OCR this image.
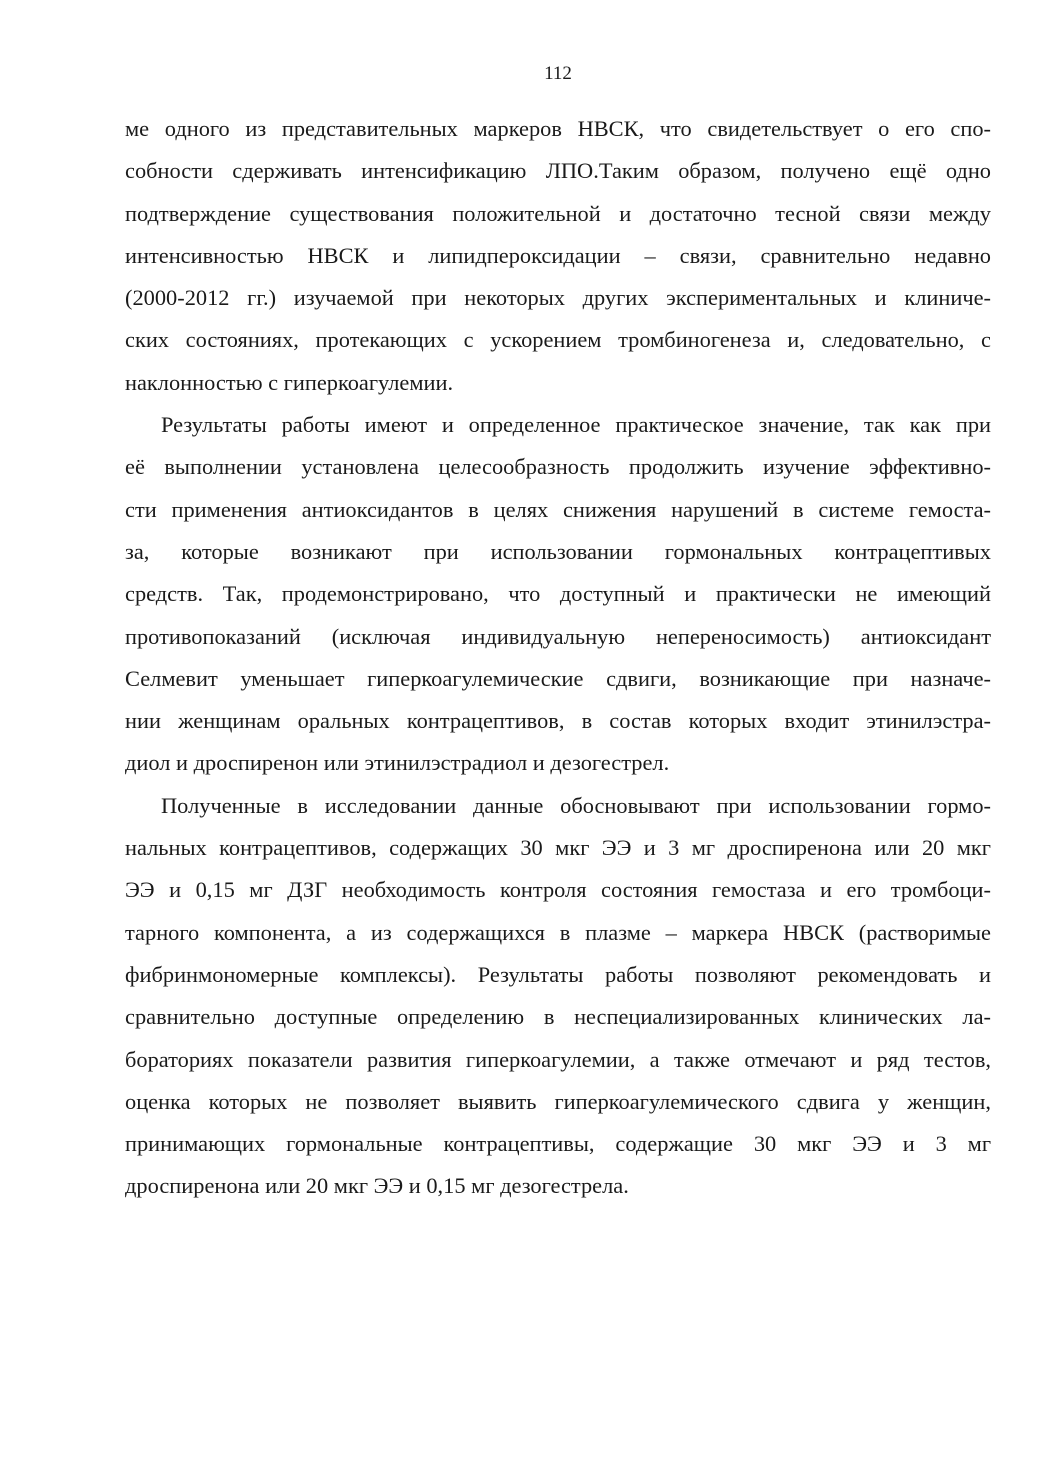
112

ме одного из представительных маркеров НВСК, что свидетельствует о его спо-
собности сдерживать интенсификацию ЛПО.Таким образом, получено ещё одно
подтверждение существования положительной и достаточно тесной связи между
интенсивностью НВСК и липидпероксидации – связи, сравнительно недавно
(2000-2012 гг.) изучаемой при некоторых других экспериментальных и клиниче-
ских состояниях, протекающих с ускорением тромбиногенеза и, следовательно, с
наклонностью с гиперкоагулемии.

Результаты работы имеют и определенное практическое значение, так как при
её выполнении установлена целесообразность продолжить изучение эффективно-
сти применения антиоксидантов в целях снижения нарушений в системе гемоста-
за, которые возникают при использовании гормональных контрацептивых
средств. Так, продемонстрировано, что доступный и практически не имеющий
противопоказаний (исключая индивидуальную непереносимость) антиоксидант
Селмевит уменьшает гиперкоагулемические сдвиги, возникающие при назначе-
нии женщинам оральных контрацептивов, в состав которых входит этинилэстра-
диол и дроспиренон или этинилэстрадиол и дезогестрел.

Полученные в исследовании данные обосновывают при использовании гормо-
нальных контрацептивов, содержащих 30 мкг ЭЭ и 3 мг дроспиренона или 20 мкг
ЭЭ и 0,15 мг ДЗГ необходимость контроля состояния гемостаза и его тромбоци-
тарного компонента, а из содержащихся в плазме – маркера НВСК (растворимые
фибринмономерные комплексы). Результаты работы позволяют рекомендовать и
сравнительно доступные определению в неспециализированных клинических ла-
бораториях показатели развития гиперкоагулемии, а также отмечают и ряд тестов,
оценка которых не позволяет выявить гиперкоагулемического сдвига у женщин,
принимающих гормональные контрацептивы, содержащие 30 мкг ЭЭ и 3 мг
дроспиренона или 20 мкг ЭЭ и 0,15 мг дезогестрела.
